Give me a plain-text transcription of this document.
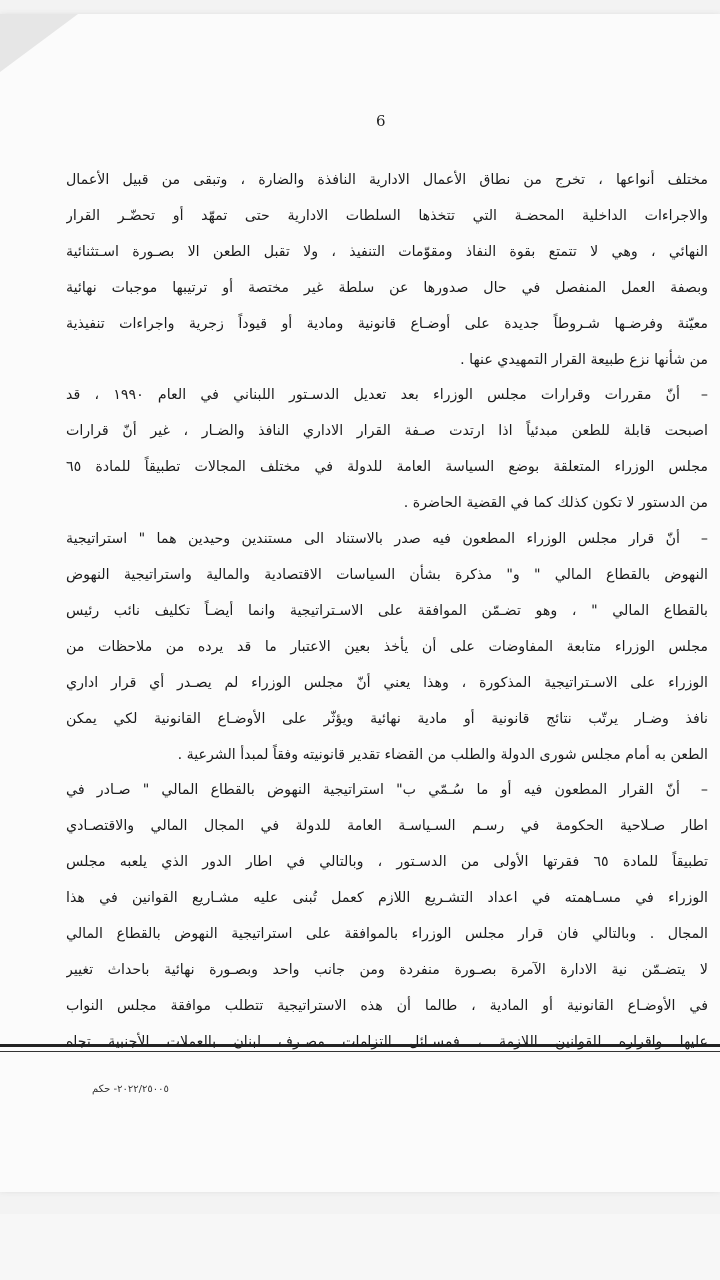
6
مختلف أنواعها ، تخرج من نطاق الأعمال الادارية النافذة والضارة ، وتبقى من قبيل الأعمال
والاجراءات الداخلية المحضـة التي تتخذها السلطات الادارية حتى تمهّد أو تحضّـر القرار
النهائي ، وهي لا تتمتع بقوة النفاذ ومقوّمات التنفيذ ، ولا تقبل الطعن الا بصـورة اسـتثنائية
وبصفة العمل المنفصل في حال صدورها عن سلطة غير مختصة أو ترتيبها موجبات نهائية
معيّنة وفرضـها شـروطاً جديدة على أوضـاع قانونية ومادية أو قيوداً زجرية واجراءات تنفيذية
من شأنها نزع طبيعة القرار التمهيدي عنها .
–
أنّ مقررات وقرارات مجلس الوزراء بعد تعديل الدسـتور اللبناني في العام ١٩٩٠ ، قد
اصبحت قابلة للطعن مبدئياً اذا ارتدت صـفة القرار الاداري النافذ والضـار ، غير أنّ قرارات
مجلس الوزراء المتعلقة بوضع السياسة العامة للدولة في مختلف المجالات تطبيقاً للمادة ٦٥
من الدستور لا تكون كذلك كما في القضية الحاضرة .
–
أنّ قرار مجلس الوزراء المطعون فيه صدر بالاستناد الى مستندين وحيدين هما " استراتيجية
النهوض بالقطاع المالي " و" مذكرة بشأن السياسات الاقتصادية والمالية واستراتيجية النهوض
بالقطاع المالي " ، وهو تضـمّن الموافقة على الاسـتراتيجية وانما أيضـاً تكليف نائب رئيس
مجلس الوزراء متابعة المفاوضات على أن يأخذ بعين الاعتبار ما قد يرده من ملاحظات من
الوزراء على الاسـتراتيجية المذكورة ، وهذا يعني أنّ مجلس الوزراء لم يصـدر أي قرار اداري
نافذ وضـار يرتّب نتائج قانونية أو مادية نهائية ويؤثّر على الأوضـاع القانونية لكي يمكن
الطعن به أمام مجلس شورى الدولة والطلب من القضاء تقدير قانونيته وفقاً لمبدأ الشرعية .
–
أنّ القرار المطعون فيه أو ما سُـمّي ب" استراتيجية النهوض بالقطاع المالي " صـادر في
اطار صـلاحية الحكومة في رسـم السـياسـة العامة للدولة في المجال المالي والاقتصـادي
تطبيقاً للمادة ٦٥ فقرتها الأولى من الدسـتور ، وبالتالي في اطار الدور الذي يلعبه مجلس
الوزراء في مسـاهمته في اعداد التشـريع اللازم كعمل تُبنى عليه مشـاريع القوانين في هذا
المجال . وبالتالي فان قرار مجلس الوزراء بالموافقة على استراتيجية النهوض بالقطاع المالي
لا يتضـمّن نية الادارة الآمرة بصـورة منفردة ومن جانب واحد وبصـورة نهائية باحداث تغيير
في الأوضـاع القانونية أو المادية ، طالما أن هذه الاستراتيجية تتطلب موافقة مجلس النواب
عليها واقراره للقوانين اللازمة ، فمسـائل التزامات مصـرف لبنان بالعملات الأجنبية تجاه
٢٠٢٢/٢٥٠٠٥- حكم
